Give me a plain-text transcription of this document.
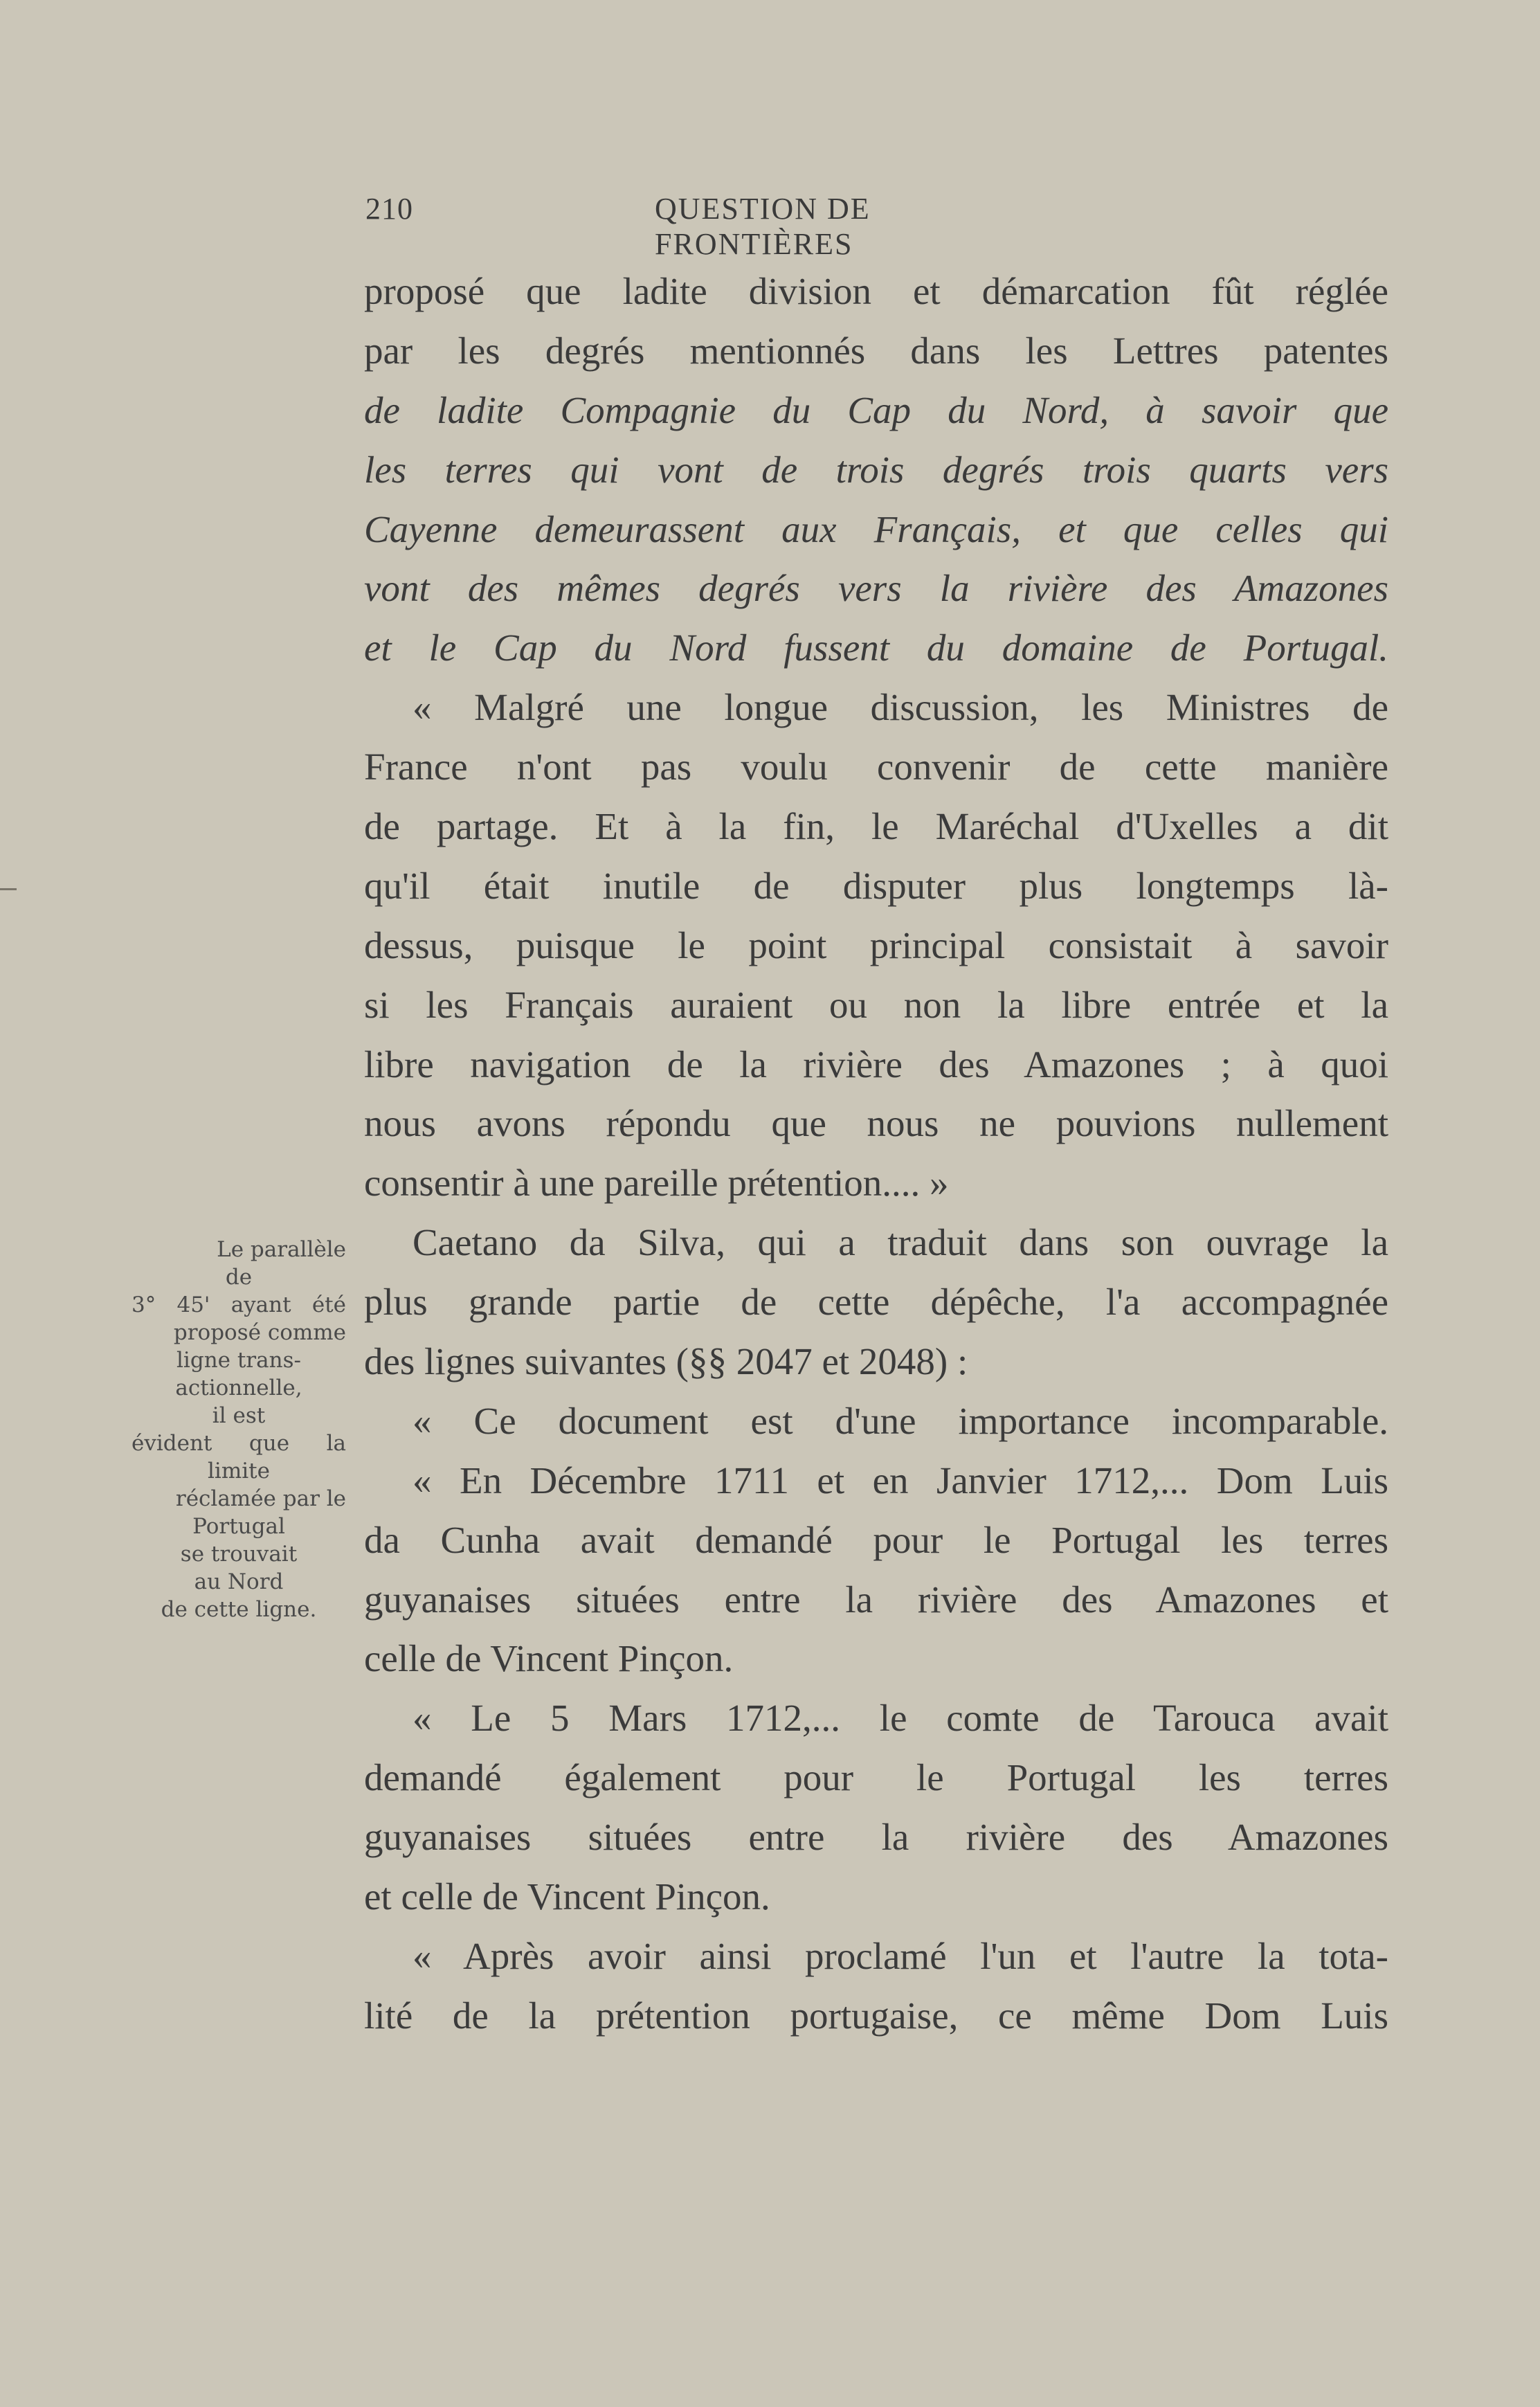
210	QUESTION DE FRONTIÈRES
proposé que ladite division et démarcation fût réglée
par les degrés mentionnés dans les Lettres patentes
de ladite Compagnie du Cap du Nord, à savoir que
les terres qui vont de trois degrés trois quarts vers
Cayenne demeurassent aux Français, et que celles qui
vont des mêmes degrés vers la rivière des Amazones
et le Cap du Nord fussent du domaine de Portugal.
« Malgré une longue discussion, les Ministres de
France n'ont pas voulu convenir de cette manière
de partage. Et à la fin, le Maréchal d'Uxelles a dit
qu'il était inutile de disputer plus longtemps là-
dessus, puisque le point principal consistait à savoir
si les Français auraient ou non la libre entrée et la
libre navigation de la rivière des Amazones ; à quoi
nous avons répondu que nous ne pouvions nullement
consentir à une pareille prétention.... »
Caetano da Silva, qui a traduit dans son ouvrage la
plus grande partie de cette dépêche, l'a accompagnée
des lignes suivantes (§§ 2047 et 2048) :
« Ce document est d'une importance incomparable.
« En Décembre 1711 et en Janvier 1712,... Dom Luis
da Cunha avait demandé pour le Portugal les terres
guyanaises situées entre la rivière des Amazones et
celle de Vincent Pinçon.
« Le 5 Mars 1712,... le comte de Tarouca avait
demandé également pour le Portugal les terres
guyanaises situées entre la rivière des Amazones
et celle de Vincent Pinçon.
« Après avoir ainsi proclamé l'un et l'autre la tota-
lité de la prétention portugaise, ce même Dom Luis
Le parallèle
de
3° 45' ayant été
proposé comme
ligne trans-
actionnelle,
il est
évident que la
limite
réclamée par le
Portugal
se trouvait
au Nord
de cette ligne.
